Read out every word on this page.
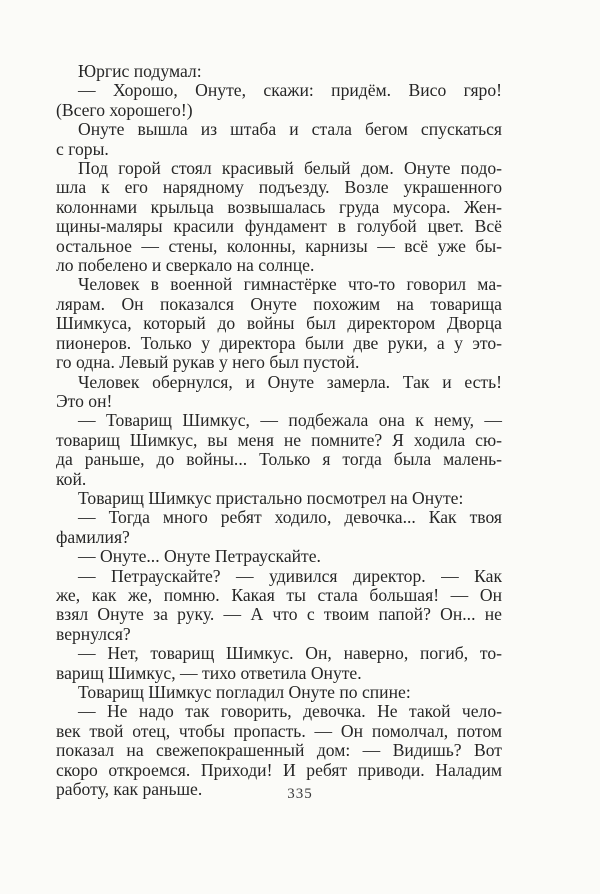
Юргис подумал:
— Хорошо, Онуте, скажи: придём. Висо гяро!
(Всего хорошего!)
Онуте вышла из штаба и стала бегом спускаться
с горы.
Под горой стоял красивый белый дом. Онуте подо-
шла к его нарядному подъезду. Возле украшенного
колоннами крыльца возвышалась груда мусора. Жен-
щины-маляры красили фундамент в голубой цвет. Всё
остальное — стены, колонны, карнизы — всё уже бы-
ло побелено и сверкало на солнце.
Человек в военной гимнастёрке что-то говорил ма-
лярам. Он показался Онуте похожим на товарища
Шимкуса, который до войны был директором Дворца
пионеров. Только у директора были две руки, а у это-
го одна. Левый рукав у него был пустой.
Человек обернулся, и Онуте замерла. Так и есть!
Это он!
— Товарищ Шимкус, — подбежала она к нему, —
товарищ Шимкус, вы меня не помните? Я ходила сю-
да раньше, до войны... Только я тогда была малень-
кой.
Товарищ Шимкус пристально посмотрел на Онуте:
— Тогда много ребят ходило, девочка... Как твоя
фамилия?
— Онуте... Онуте Петраускайте.
— Петраускайте? — удивился директор. — Как
же, как же, помню. Какая ты стала большая! — Он
взял Онуте за руку. — А что с твоим папой? Он... не
вернулся?
— Нет, товарищ Шимкус. Он, наверно, погиб, то-
варищ Шимкус, — тихо ответила Онуте.
Товарищ Шимкус погладил Онуте по спине:
— Не надо так говорить, девочка. Не такой чело-
век твой отец, чтобы пропасть. — Он помолчал, потом
показал на свежепокрашенный дом: — Видишь? Вот
скоро откроемся. Приходи! И ребят приводи. Наладим
работу, как раньше.	335
